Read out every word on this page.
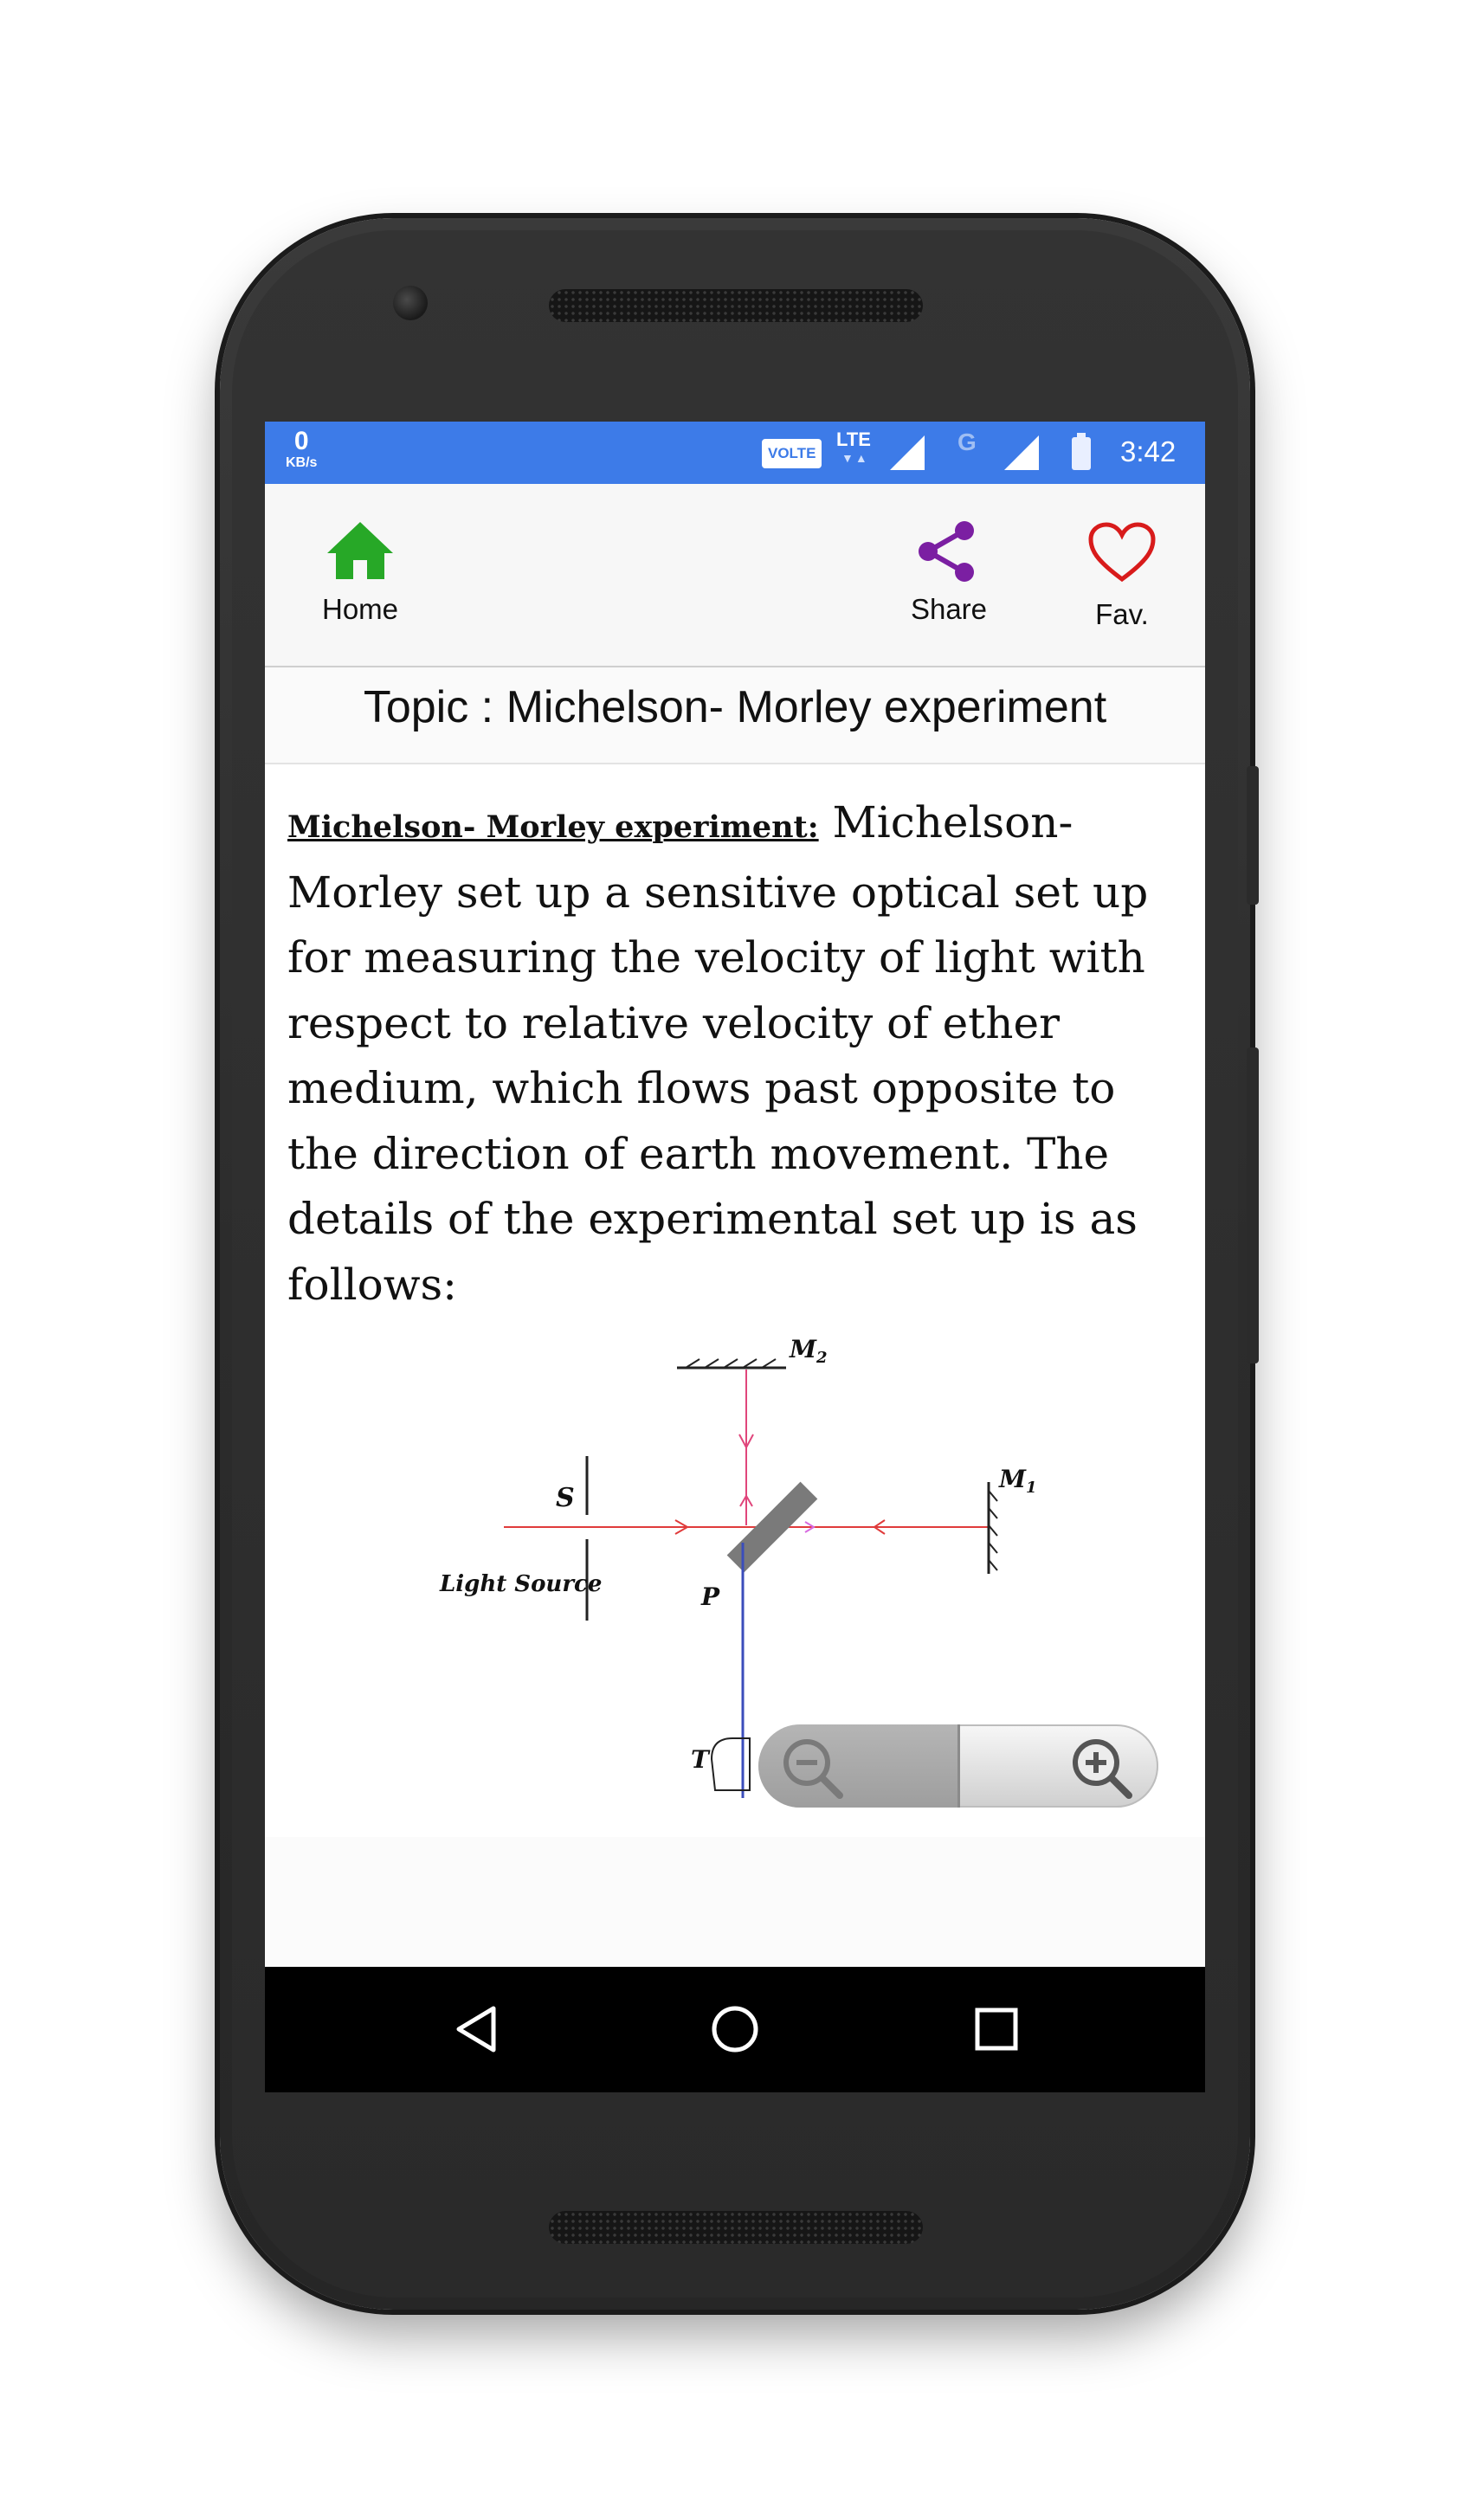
0
KB/s
VOLTE
LTE
▼▲
G	3:42
Home	Share	Fav.
Topic : Michelson- Morley experiment

Michelson- Morley experiment: Michelson-Morley set up a sensitive optical set up for measuring the velocity of light with respect to relative velocity of ether medium, which flows past opposite to the direction of earth movement. The details of the experimental set up is as follows:

$M_2$
$M_1$
S
Light Source	P
T
